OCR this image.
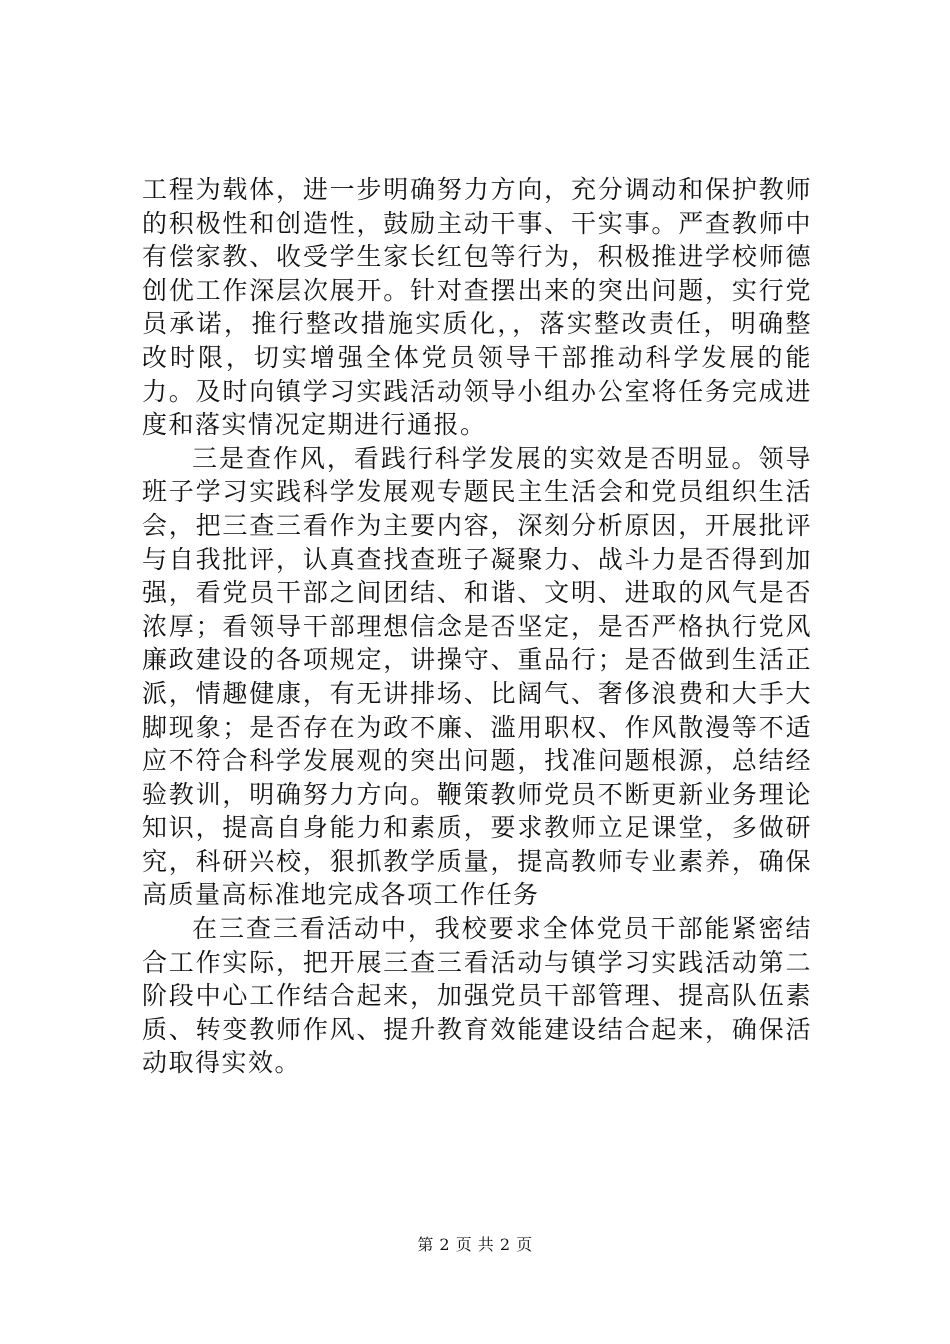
工程为载体，进一步明确努力方向，充分调动和保护教师的积极性和创造性，鼓励主动干事、干实事。严查教师中有偿家教、收受学生家长红包等行为，积极推进学校师德创优工作深层次展开。针对查摆出来的突出问题，实行党员承诺，推行整改措施实质化，，落实整改责任，明确整改时限，切实增强全体党员领导干部推动科学发展的能力。及时向镇学习实践活动领导小组办公室将任务完成进度和落实情况定期进行通报。

三是查作风，看践行科学发展的实效是否明显。领导班子学习实践科学发展观专题民主生活会和党员组织生活会，把三查三看作为主要内容，深刻分析原因，开展批评与自我批评，认真查找查班子凝聚力、战斗力是否得到加强，看党员干部之间团结、和谐、文明、进取的风气是否浓厚；看领导干部理想信念是否坚定，是否严格执行党风廉政建设的各项规定，讲操守、重品行；是否做到生活正派，情趣健康，有无讲排场、比阔气、奢侈浪费和大手大脚现象；是否存在为政不廉、滥用职权、作风散漫等不适应不符合科学发展观的突出问题，找准问题根源，总结经验教训，明确努力方向。鞭策教师党员不断更新业务理论知识，提高自身能力和素质，要求教师立足课堂，多做研究，科研兴校，狠抓教学质量，提高教师专业素养，确保高质量高标准地完成各项工作任务

在三查三看活动中，我校要求全体党员干部能紧密结合工作实际，把开展三查三看活动与镇学习实践活动第二阶段中心工作结合起来，加强党员干部管理、提高队伍素质、转变教师作风、提升教育效能建设结合起来，确保活动取得实效。

第 2 页 共 2 页
